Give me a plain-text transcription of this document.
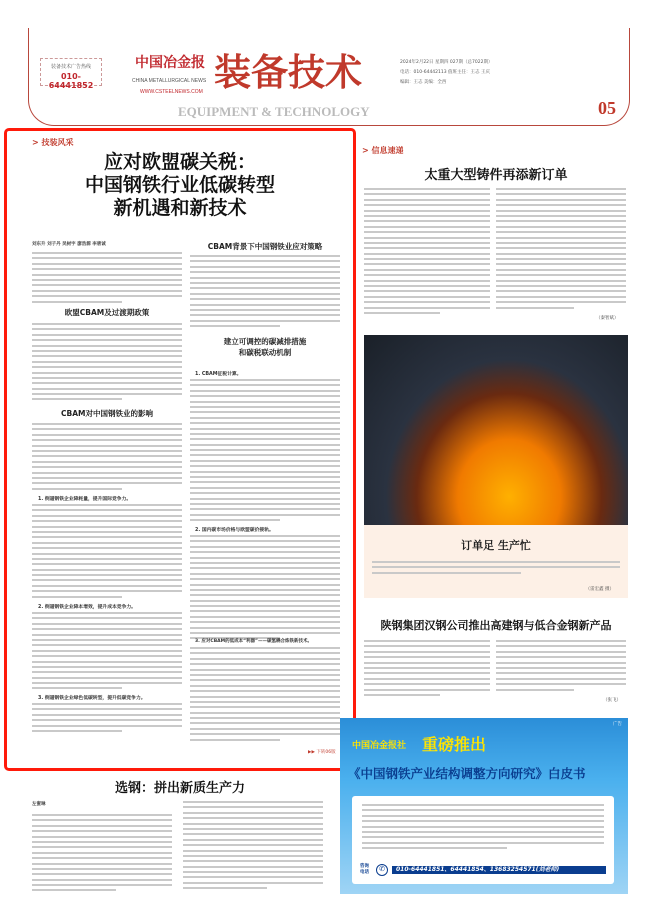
装备技术广告热线
010-64441852
中国冶金报
CHINA METALLURGICAL NEWS
WWW.CSTEELNEWS.COM 装备技术	2024年2月22日 星期四 027期（总7022期）
电话：010-64442113 值班主任：王志 王庆
编辑：王志 美编：全西
EQUIPMENT & TECHNOLOGY	05
> 技装风采
应对欧盟碳关税：
中国钢铁行业低碳转型
新机遇和新技术
刘东升 刘子丹 吴树宇 廖浩源 李唐诚
欧盟CBAM及过渡期政策
CBAM对中国钢铁业的影响
1. 倒逼钢铁企业降耗量，提升国际竞争力。
2. 倒逼钢铁企业降本增效，提升成本竞争力。
3. 倒逼钢铁企业绿色低碳转型，提升低碳竞争力。
CBAM背景下中国钢铁业应对策略
建立可调控的碳减排措施
和碳税联动机制
1. CBAM征税计算。
2. 国内碳市场价格与欧盟碳价接轨。
3. 应对CBAM的低成本“利器”——碳氢耦合炼铁新技术。
▶▶ 下转06版
> 信息速递
太重大型铸件再添新订单
（秦智斌）
订单足 生产忙
（雷宏鑫 摄）
陕钢集团汉钢公司推出高建钢与低合金钢新产品
（张飞）
广告
中国冶金报社 重磅推出
《中国钢铁产业结构调整方向研究》白皮书
咨询电话	✆	010-64441851、64441854、13683254571(刘老师)
选钢：拼出新质生产力
左蜜琳
